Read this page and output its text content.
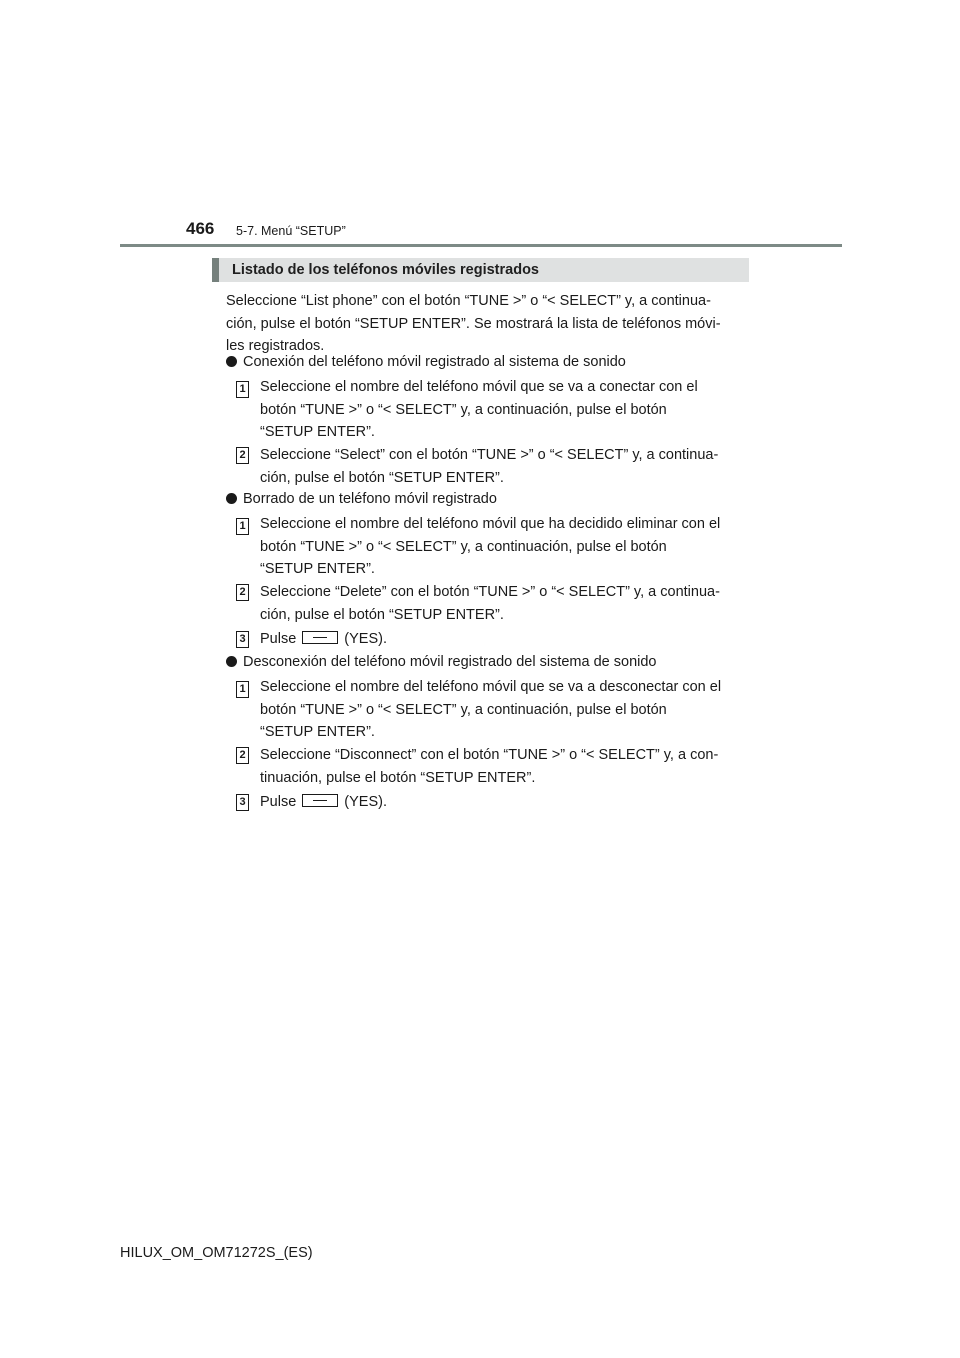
466 5-7. Menú “SETUP”
Listado de los teléfonos móviles registrados
Seleccione “List phone” con el botón “TUNE >” o “< SELECT” y, a continua-
ción, pulse el botón “SETUP ENTER”. Se mostrará la lista de teléfonos móvi-
les registrados.
Conexión del teléfono móvil registrado al sistema de sonido
1 Seleccione el nombre del teléfono móvil que se va a conectar con el
botón “TUNE >” o “< SELECT” y, a continuación, pulse el botón
“SETUP ENTER”.
2 Seleccione “Select” con el botón “TUNE >” o “< SELECT” y, a continua-
ción, pulse el botón “SETUP ENTER”.
Borrado de un teléfono móvil registrado
1 Seleccione el nombre del teléfono móvil que ha decidido eliminar con el
botón “TUNE >” o “< SELECT” y, a continuación, pulse el botón
“SETUP ENTER”.
2 Seleccione “Delete” con el botón “TUNE >” o “< SELECT” y, a continua-
ción, pulse el botón “SETUP ENTER”.
3 Pulse	(YES).
Desconexión del teléfono móvil registrado del sistema de sonido
1 Seleccione el nombre del teléfono móvil que se va a desconectar con el
botón “TUNE >” o “< SELECT” y, a continuación, pulse el botón
“SETUP ENTER”.
2 Seleccione “Disconnect” con el botón “TUNE >” o “< SELECT” y, a con-
tinuación, pulse el botón “SETUP ENTER”.
3 Pulse	(YES).
HILUX_OM_OM71272S_(ES)
